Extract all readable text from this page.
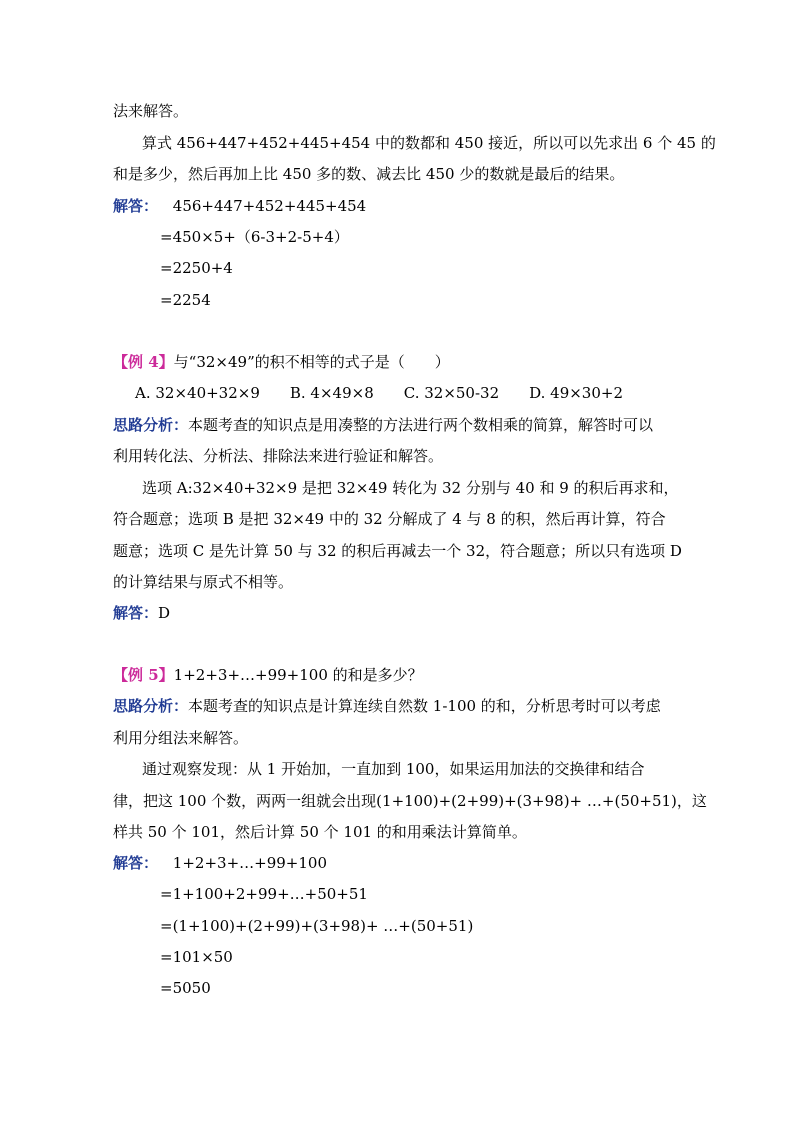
法来解答。
算式 456+447+452+445+454 中的数都和 450 接近，所以可以先求出 6 个 45 的
和是多少，然后再加上比 450 多的数、减去比 450 少的数就是最后的结果。
解答： 456+447+452+445+454
=450×5+（6-3+2-5+4）
=2250+4
=2254
【例 4】与“32×49”的积不相等的式子是（　　）
A. 32×40+32×9　　B. 4×49×8　　C. 32×50-32　　D. 49×30+2
思路分析：本题考查的知识点是用凑整的方法进行两个数相乘的简算，解答时可以
利用转化法、分析法、排除法来进行验证和解答。
选项 A:32×40+32×9 是把 32×49 转化为 32 分别与 40 和 9 的积后再求和，
符合题意；选项 B 是把 32×49 中的 32 分解成了 4 与 8 的积，然后再计算，符合
题意；选项 C 是先计算 50 与 32 的积后再减去一个 32，符合题意；所以只有选项 D
的计算结果与原式不相等。
解答：D
【例 5】1+2+3+…+99+100 的和是多少？
思路分析：本题考查的知识点是计算连续自然数 1-100 的和，分析思考时可以考虑
利用分组法来解答。
通过观察发现：从 1 开始加，一直加到 100，如果运用加法的交换律和结合
律，把这 100 个数，两两一组就会出现(1+100)+(2+99)+(3+98)+ …+(50+51)，这
样共 50 个 101，然后计算 50 个 101 的和用乘法计算简单。
解答： 1+2+3+…+99+100
=1+100+2+99+…+50+51
=(1+100)+(2+99)+(3+98)+ …+(50+51)
=101×50
=5050
